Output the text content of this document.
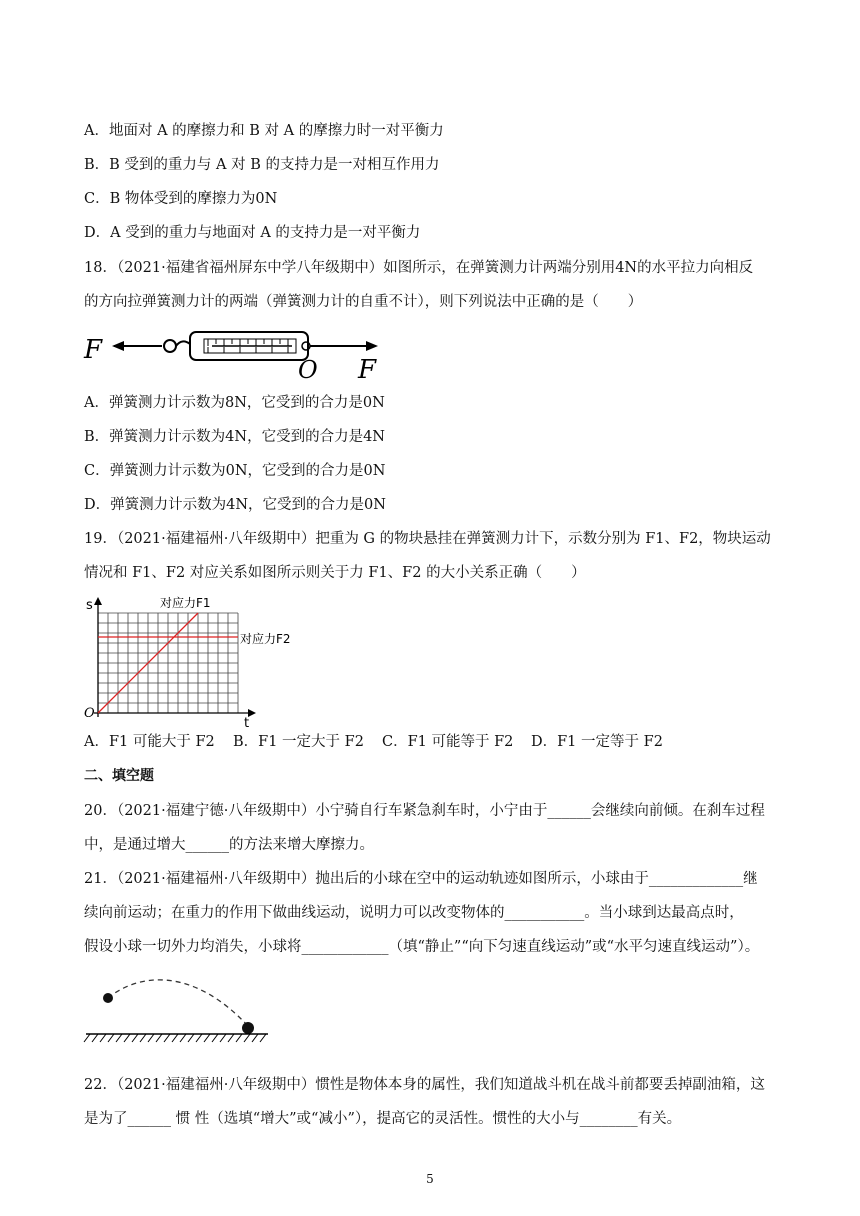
A．地面对 A 的摩擦力和 B 对 A 的摩擦力时一对平衡力
B．B 受到的重力与 A 对 B 的支持力是一对相互作用力
C．B 物体受到的摩擦力为0N
D．A 受到的重力与地面对 A 的支持力是一对平衡力
18．（2021·福建省福州屏东中学八年级期中）如图所示，在弹簧测力计两端分别用4N的水平拉力向相反
的方向拉弹簧测力计的两端（弹簧测力计的自重不计），则下列说法中正确的是（　　）
F
O F
A．弹簧测力计示数为8N，它受到的合力是0N
B．弹簧测力计示数为4N，它受到的合力是4N
C．弹簧测力计示数为0N，它受到的合力是0N
D．弹簧测力计示数为4N，它受到的合力是0N
19．（2021·福建福州·八年级期中）把重为 G 的物块悬挂在弹簧测力计下，示数分别为 F1、F2，物块运动
情况和 F1、F2 对应关系如图所示则关于力 F1、F2 的大小关系正确（　　）
s
t
O
对应力F1
对应力F2
A．F1 可能大于 F2 B．F1 一定大于 F2 C．F1 可能等于 F2 D．F1 一定等于 F2
二、填空题
20．（2021·福建宁德·八年级期中）小宁骑自行车紧急刹车时，小宁由于______会继续向前倾。在刹车过程
中，是通过增大______的方法来增大摩擦力。
21．（2021·福建福州·八年级期中）抛出后的小球在空中的运动轨迹如图所示，小球由于_____________继
续向前运动；在重力的作用下做曲线运动，说明力可以改变物体的___________。当小球到达最高点时，
假设小球一切外力均消失，小球将____________（填“静止”“向下匀速直线运动”或“水平匀速直线运动”）。
22．（2021·福建福州·八年级期中）惯性是物体本身的属性，我们知道战斗机在战斗前都要丢掉副油箱，这
是为了______ 惯 性（选填“增大”或“减小”），提高它的灵活性。惯性的大小与________有关。
5
